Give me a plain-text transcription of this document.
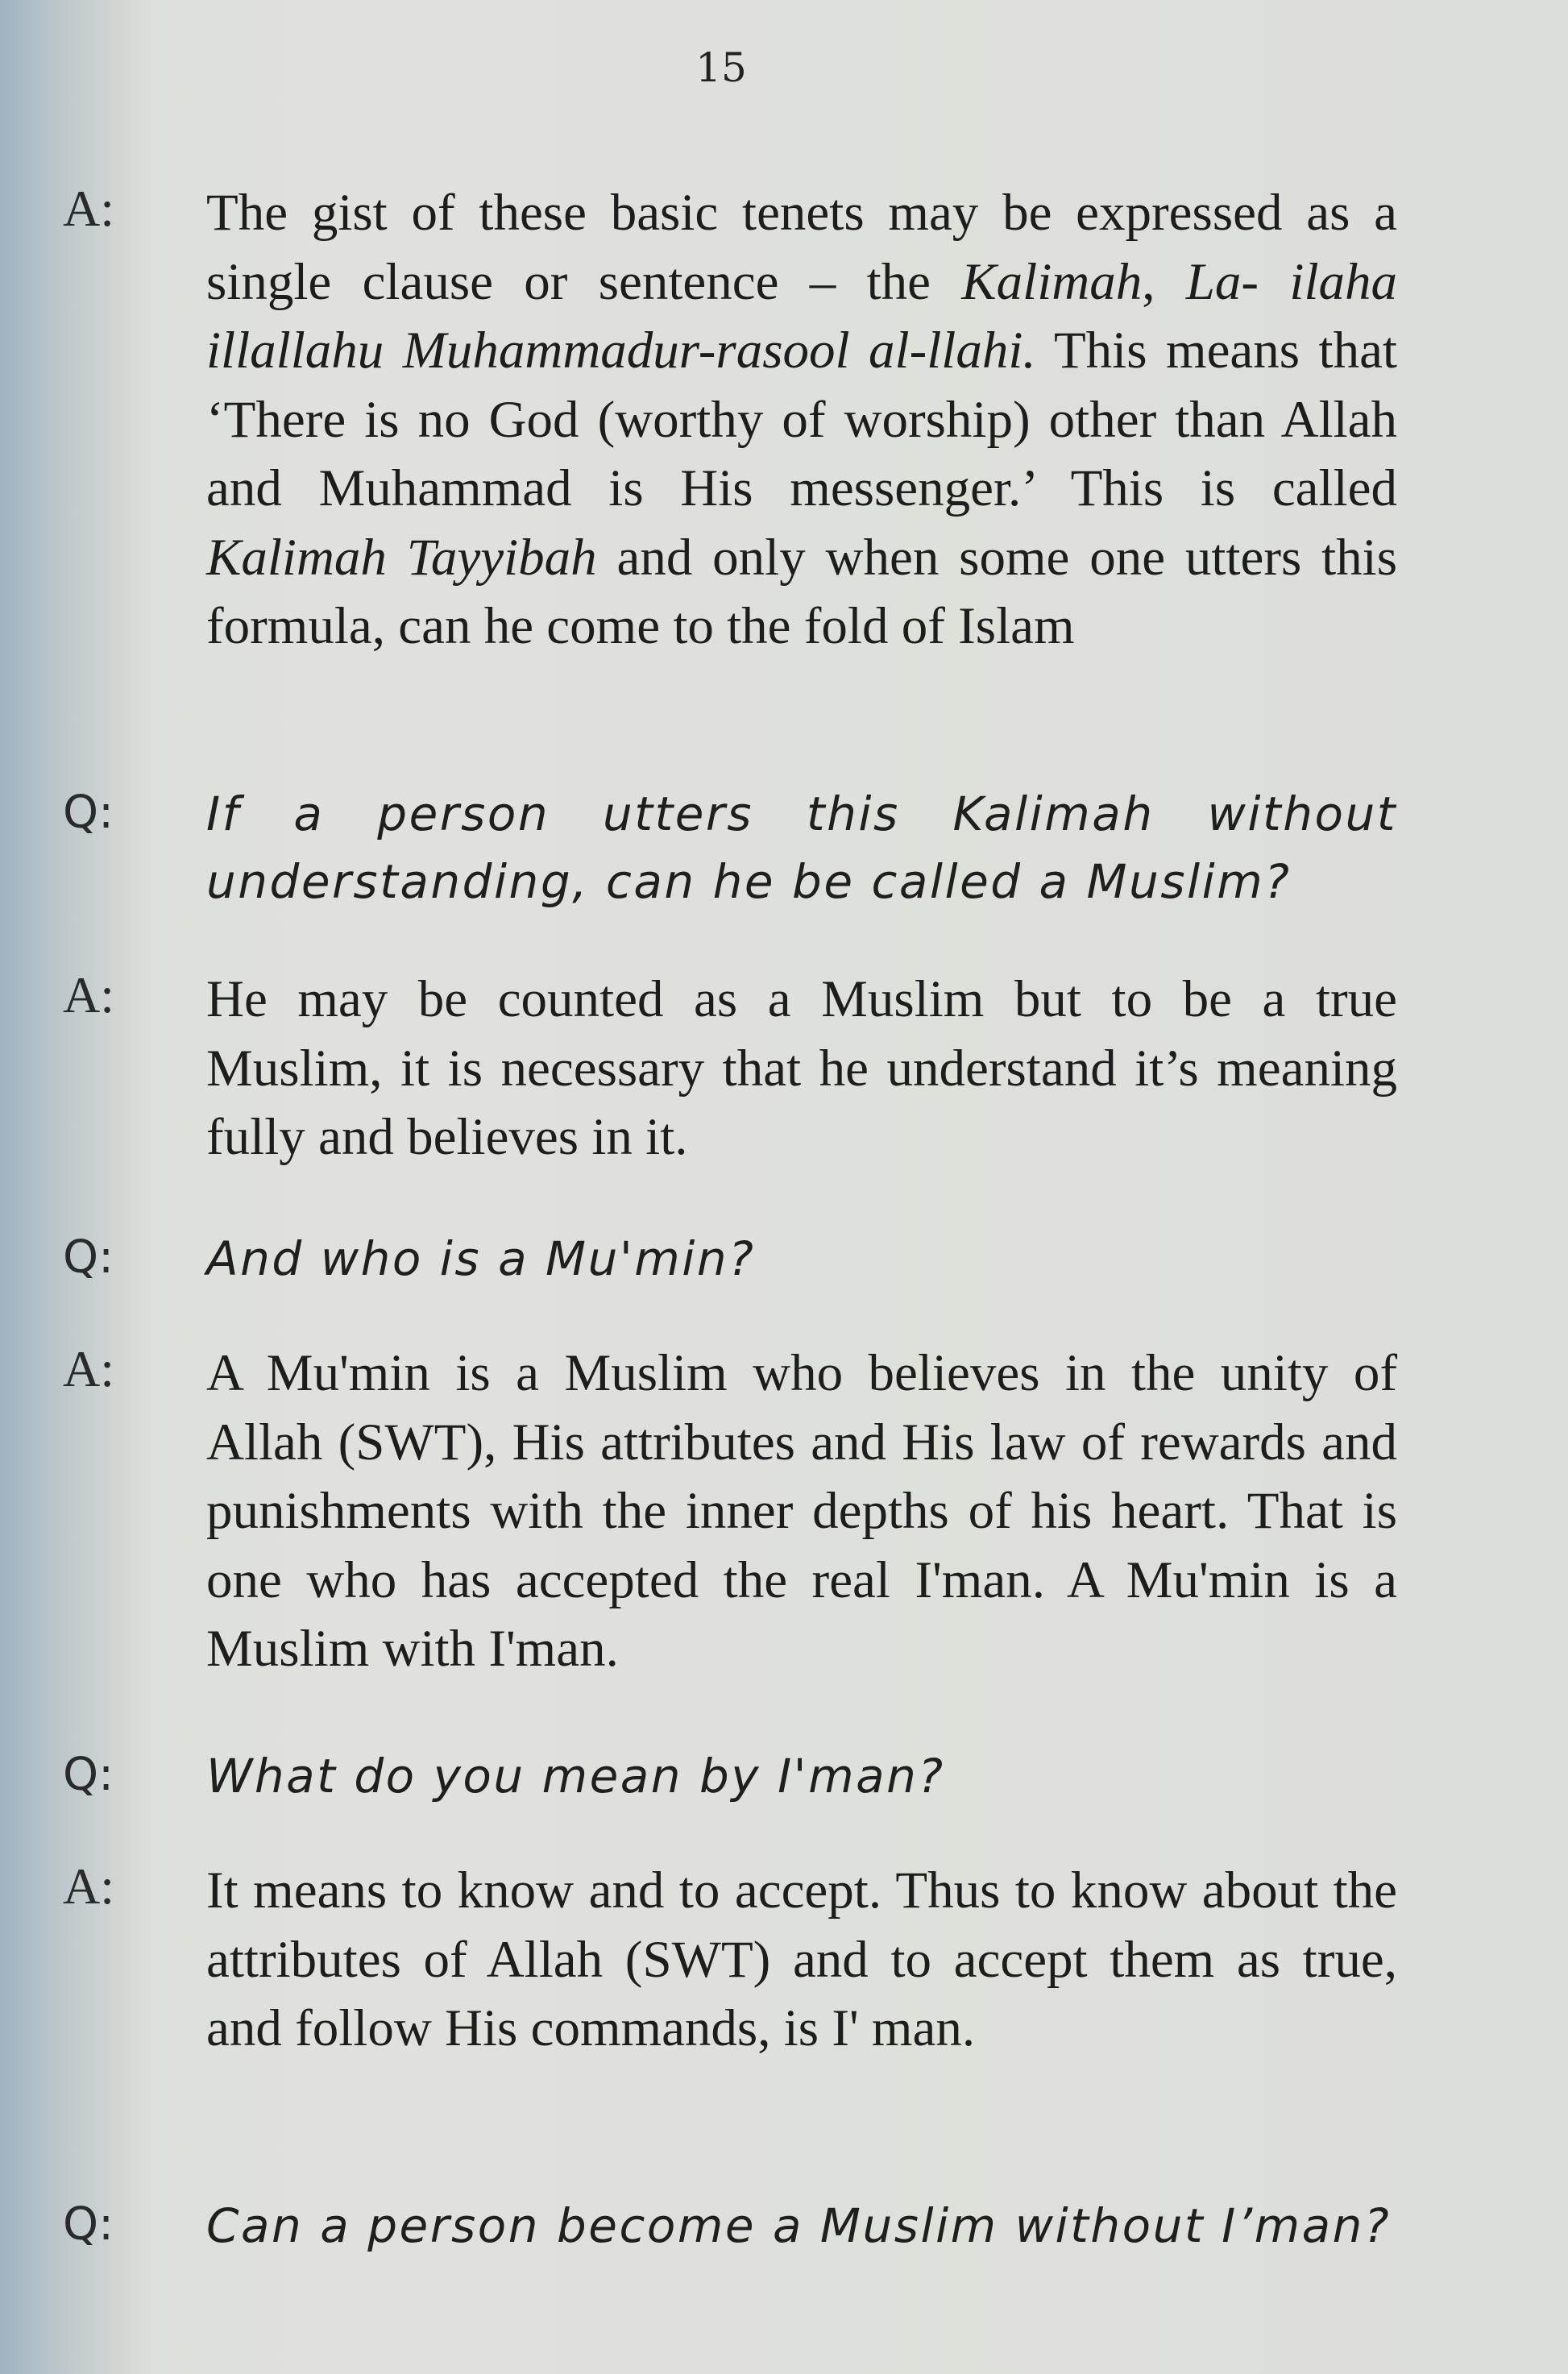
15
A: The gist of these basic tenets may be expressed as a single clause or sentence – the Kalimah, La- ilaha illallahu Muhammadur-rasool al-llahi. This means that ‘There is no God (worthy of worship) other than Allah and Muhammad is His messenger.’ This is called Kalimah Tayyibah and only when some one utters this formula, can he come to the fold of Islam
Q: If a person utters this Kalimah without understanding, can he be called a Muslim?
A: He may be counted as a Muslim but to be a true Muslim, it is necessary that he understand it’s meaning fully and believes in it.
Q: And who is a Mu'min?
A: A Mu'min is a Muslim who believes in the unity of Allah (SWT), His attributes and His law of rewards and punishments with the inner depths of his heart. That is one who has accepted the real I'man. A Mu'min is a Muslim with I'man.
Q: What do you mean by I'man?
A: It means to know and to accept. Thus to know about the attributes of Allah (SWT) and to accept them as true, and follow His commands, is I' man.
Q: Can a person become a Muslim without I’man?
